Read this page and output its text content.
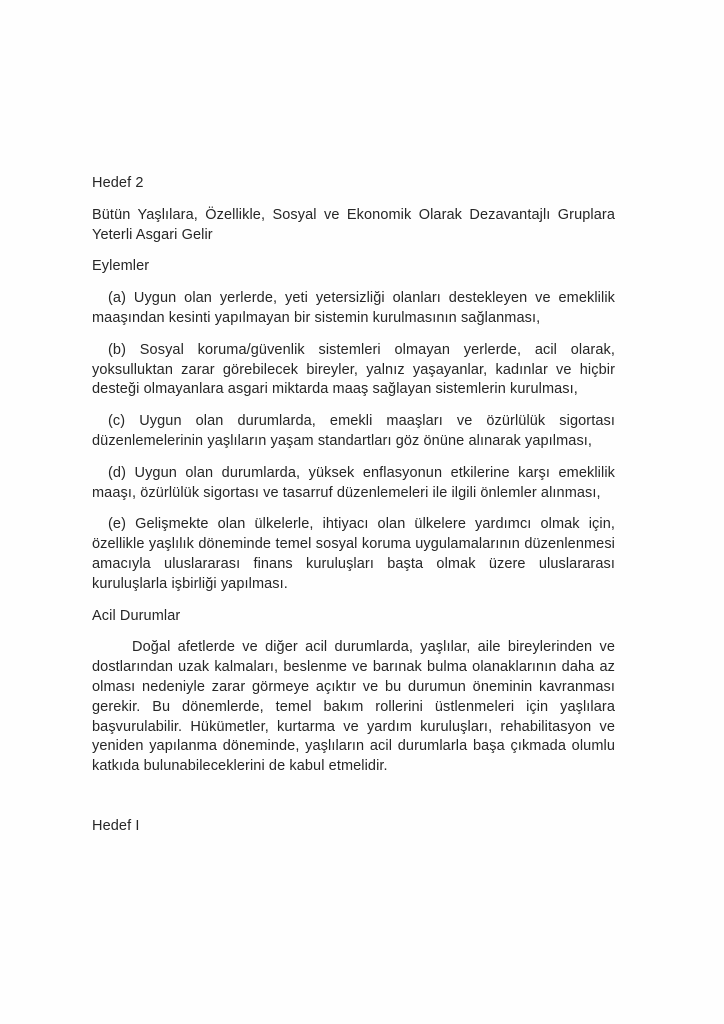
Hedef 2
Bütün Yaşlılara, Özellikle, Sosyal ve Ekonomik Olarak Dezavantajlı Gruplara Yeterli Asgari Gelir
Eylemler
(a) Uygun olan yerlerde, yeti yetersizliği olanları destekleyen ve emeklilik maaşından kesinti yapılmayan bir sistemin kurulmasının sağlanması,
(b) Sosyal koruma/güvenlik sistemleri olmayan yerlerde, acil olarak, yoksulluktan zarar görebilecek bireyler, yalnız yaşayanlar, kadınlar ve hiçbir desteği olmayanlara asgari miktarda maaş sağlayan sistemlerin kurulması,
(c) Uygun olan durumlarda, emekli maaşları ve özürlülük sigortası düzenlemelerinin yaşlıların yaşam standartları göz önüne alınarak yapılması,
(d) Uygun olan durumlarda, yüksek enflasyonun etkilerine karşı emeklilik maaşı, özürlülük sigortası ve tasarruf düzenlemeleri ile ilgili önlemler alınması,
(e) Gelişmekte olan ülkelerle, ihtiyacı olan ülkelere yardımcı olmak için, özellikle yaşlılık döneminde temel sosyal koruma uygulamalarının düzenlenmesi amacıyla uluslararası finans kuruluşları başta olmak üzere uluslararası kuruluşlarla işbirliği yapılması.
Acil Durumlar
Doğal afetlerde ve diğer acil durumlarda, yaşlılar, aile bireylerinden ve dostlarından uzak kalmaları, beslenme ve barınak bulma olanaklarının daha az olması nedeniyle zarar görmeye açıktır ve bu durumun öneminin kavranması gerekir. Bu dönemlerde, temel bakım rollerini üstlenmeleri için yaşlılara başvurulabilir. Hükümetler, kurtarma ve yardım kuruluşları, rehabilitasyon ve yeniden yapılanma döneminde, yaşlıların acil durumlarla başa çıkmada olumlu katkıda bulunabileceklerini de kabul etmelidir.
Hedef I
